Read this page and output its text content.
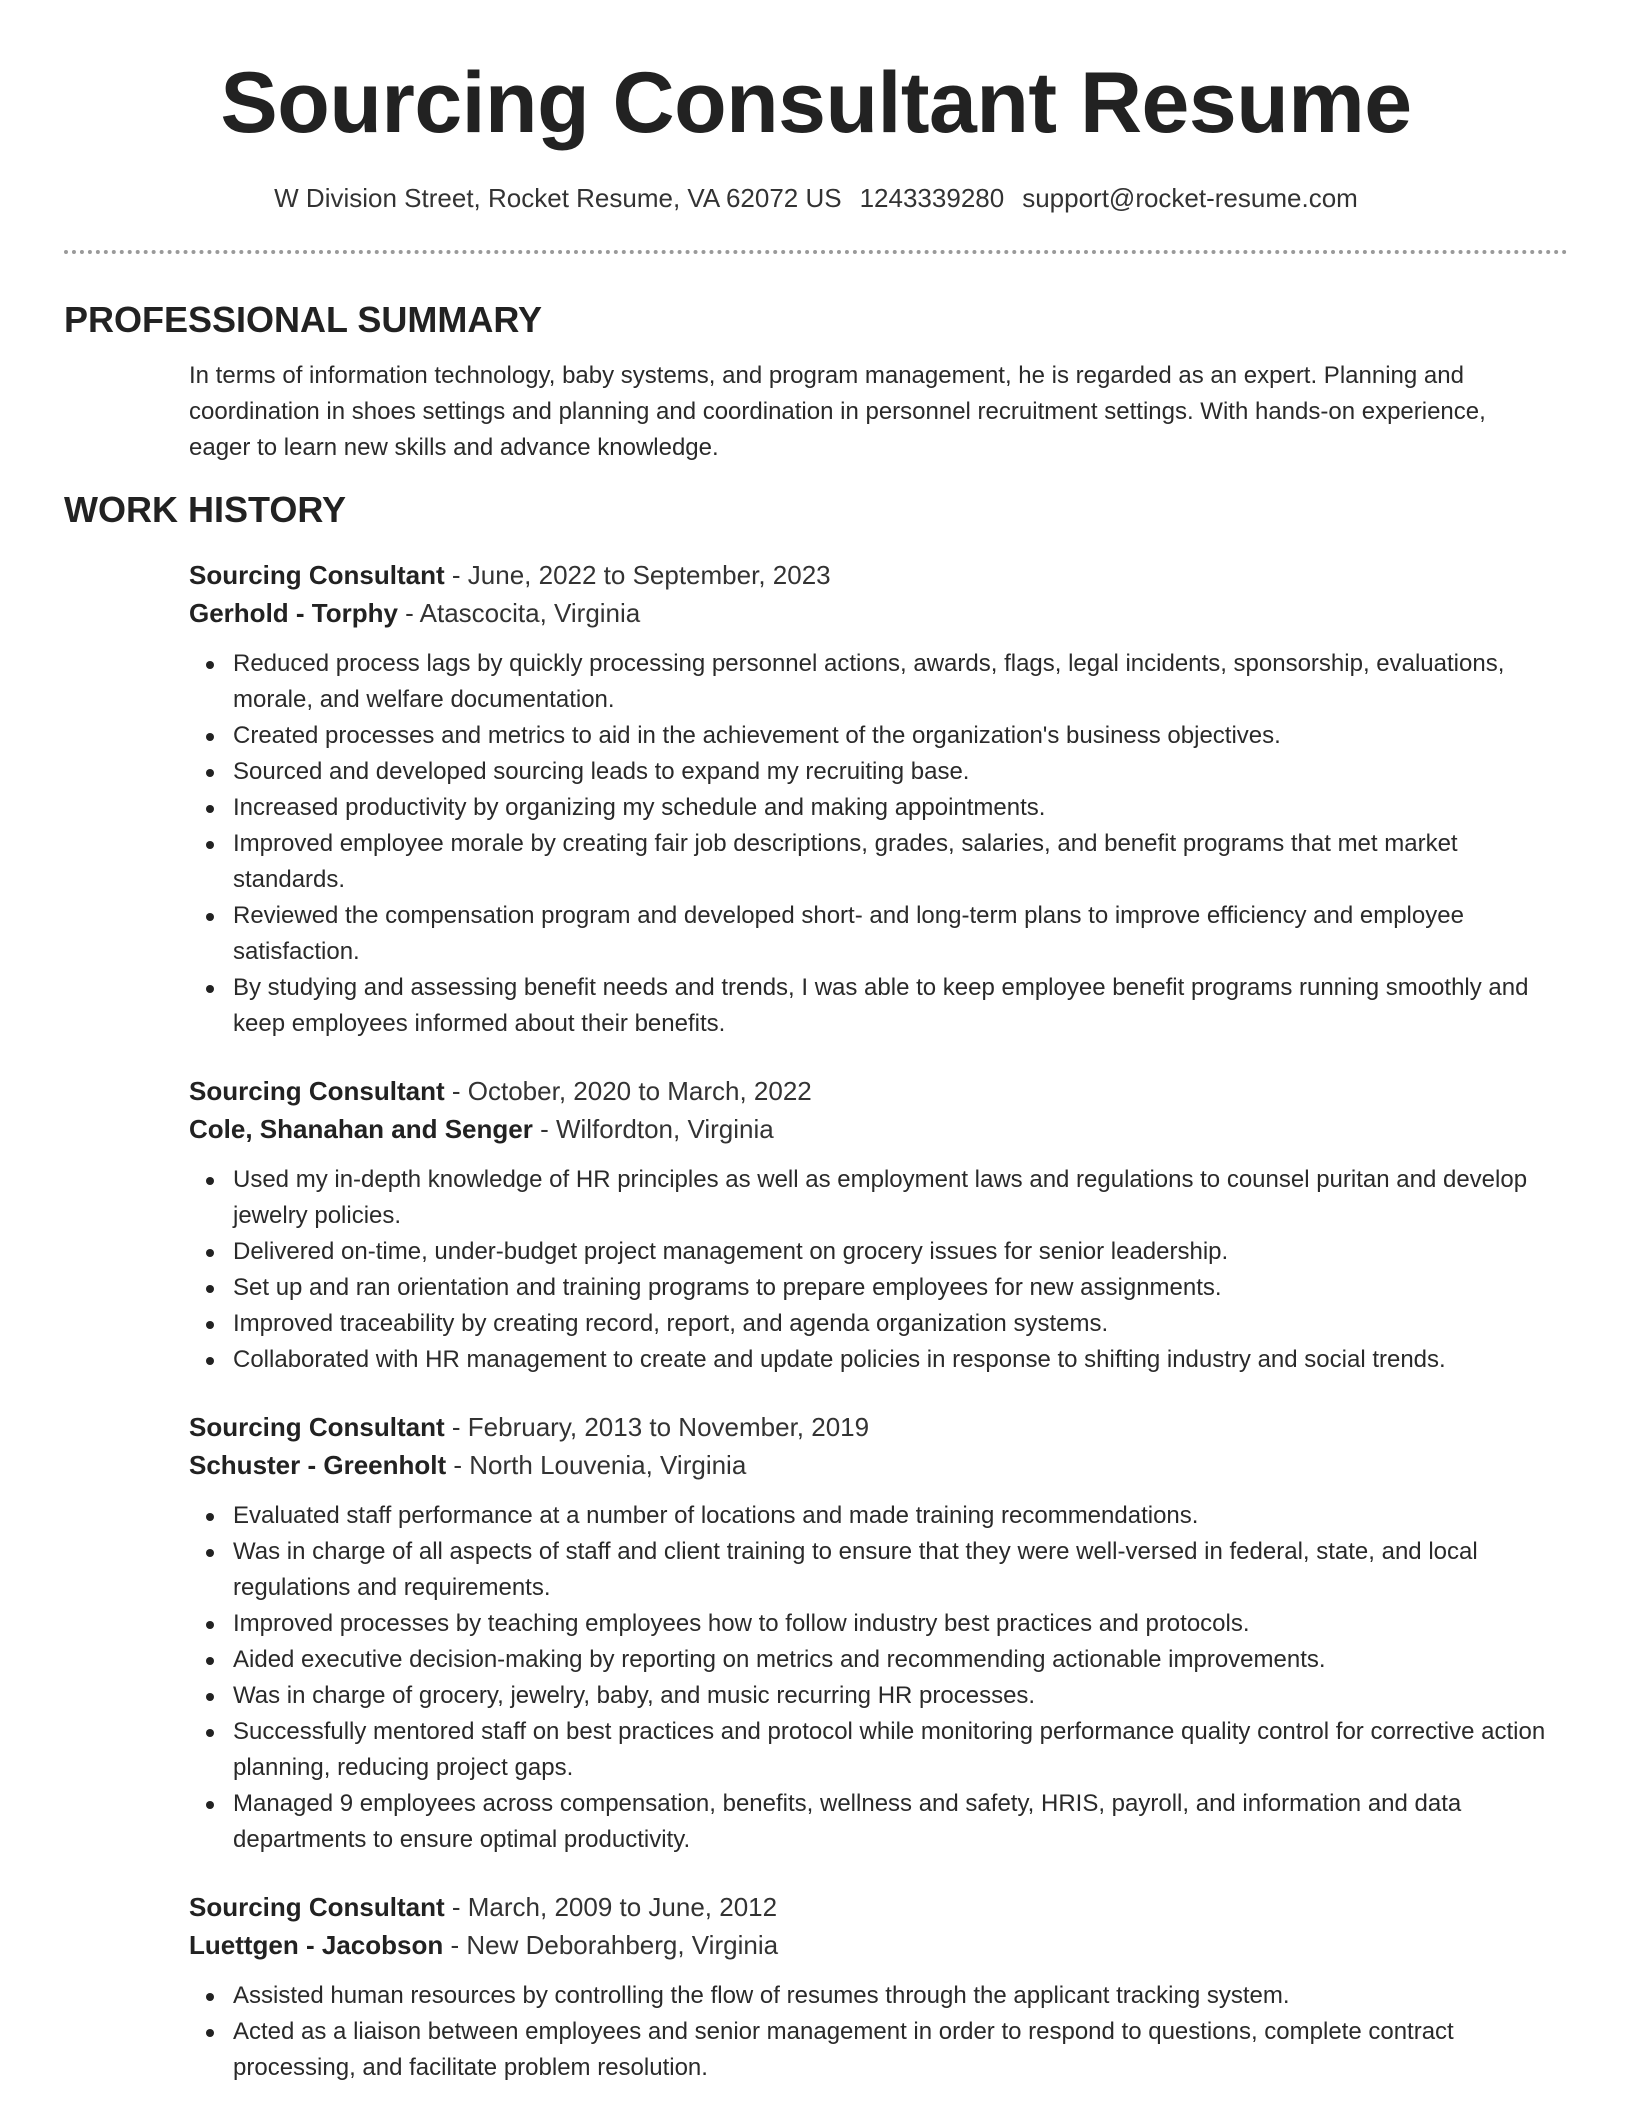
Sourcing Consultant Resume
W Division Street, Rocket Resume, VA 62072 US 1243339280 support@rocket-resume.com
PROFESSIONAL SUMMARY
In terms of information technology, baby systems, and program management, he is regarded as an expert. Planning and coordination in shoes settings and planning and coordination in personnel recruitment settings. With hands-on experience, eager to learn new skills and advance knowledge.
WORK HISTORY
Sourcing Consultant - June, 2022 to September, 2023
Gerhold - Torphy - Atascocita, Virginia
Reduced process lags by quickly processing personnel actions, awards, flags, legal incidents, sponsorship, evaluations, morale, and welfare documentation.
Created processes and metrics to aid in the achievement of the organization's business objectives.
Sourced and developed sourcing leads to expand my recruiting base.
Increased productivity by organizing my schedule and making appointments.
Improved employee morale by creating fair job descriptions, grades, salaries, and benefit programs that met market standards.
Reviewed the compensation program and developed short- and long-term plans to improve efficiency and employee satisfaction.
By studying and assessing benefit needs and trends, I was able to keep employee benefit programs running smoothly and keep employees informed about their benefits.
Sourcing Consultant - October, 2020 to March, 2022
Cole, Shanahan and Senger - Wilfordton, Virginia
Used my in-depth knowledge of HR principles as well as employment laws and regulations to counsel puritan and develop jewelry policies.
Delivered on-time, under-budget project management on grocery issues for senior leadership.
Set up and ran orientation and training programs to prepare employees for new assignments.
Improved traceability by creating record, report, and agenda organization systems.
Collaborated with HR management to create and update policies in response to shifting industry and social trends.
Sourcing Consultant - February, 2013 to November, 2019
Schuster - Greenholt - North Louvenia, Virginia
Evaluated staff performance at a number of locations and made training recommendations.
Was in charge of all aspects of staff and client training to ensure that they were well-versed in federal, state, and local regulations and requirements.
Improved processes by teaching employees how to follow industry best practices and protocols.
Aided executive decision-making by reporting on metrics and recommending actionable improvements.
Was in charge of grocery, jewelry, baby, and music recurring HR processes.
Successfully mentored staff on best practices and protocol while monitoring performance quality control for corrective action planning, reducing project gaps.
Managed 9 employees across compensation, benefits, wellness and safety, HRIS, payroll, and information and data departments to ensure optimal productivity.
Sourcing Consultant - March, 2009 to June, 2012
Luettgen - Jacobson - New Deborahberg, Virginia
Assisted human resources by controlling the flow of resumes through the applicant tracking system.
Acted as a liaison between employees and senior management in order to respond to questions, complete contract processing, and facilitate problem resolution.
